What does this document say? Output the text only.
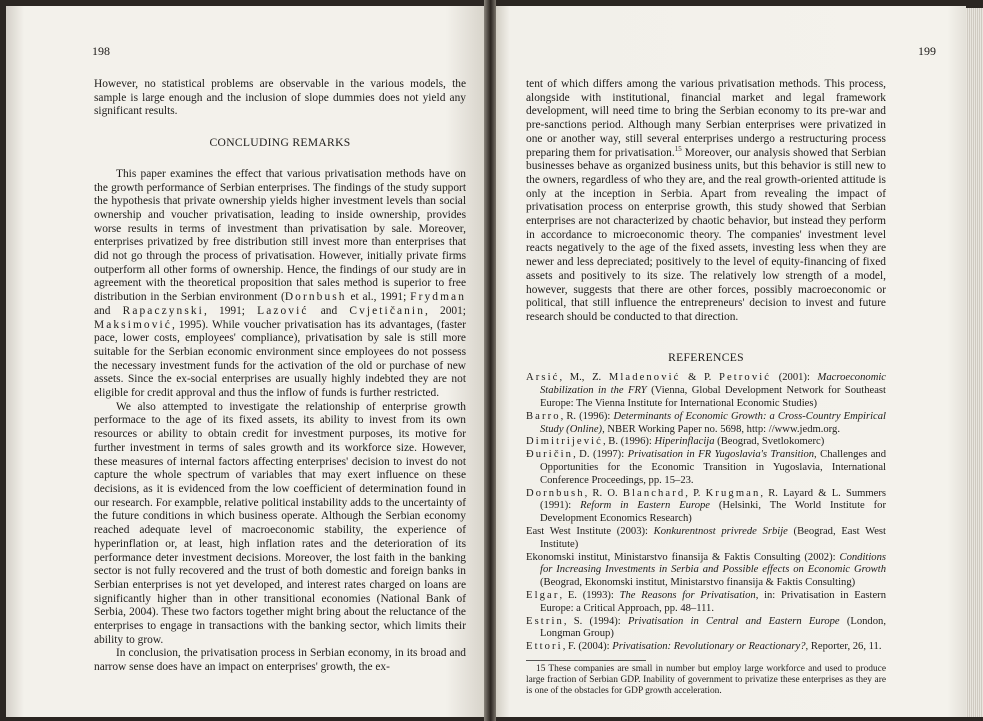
198

However, no statistical problems are observable in the various models, the sample is large enough and the inclusion of slope dummies does not yield any significant results.

CONCLUDING REMARKS

This paper examines the effect that various privatisation methods have on the growth performance of Serbian enterprises. The findings of the study support the hypothesis that private ownership yields higher investment levels than social ownership and voucher privatisation, leading to inside ownership, provides worse results in terms of investment than privatisation by sale. Moreover, enterprises privatized by free distribution still invest more than enterprises that did not go through the process of privatisation. However, initially private firms outperform all other forms of ownership. Hence, the findings of our study are in agreement with the theoretical proposition that sales method is superior to free distribution in the Serbian environment (Dornbush et al., 1991; Frydman and Rapaczynski, 1991; Lazović and Cvjetičanin, 2001; Maksimović, 1995). While voucher privatisation has its advantages, (faster pace, lower costs, employees' compliance), privatisation by sale is still more suitable for the Serbian economic environment since employees do not possess the necessary investment funds for the activation of the old or purchase of new assets. Since the ex-social enterprises are usually highly indebted they are not eligible for credit approval and thus the inflow of funds is further restricted.

We also attempted to investigate the relationship of enterprise growth performace to the age of its fixed assets, its ability to invest from its own resources or ability to obtain credit for investment purposes, its motive for further investment in terms of sales growth and its workforce size. However, these measures of internal factors affecting enterprises' decision to invest do not capture the whole spectrum of variables that may exert influence on these decisions, as it is evidenced from the low coefficient of determination found in our research. For exampble, relative political instability adds to the uncertainty of the future conditions in which business operate. Although the Serbian economy reached adequate level of macroeconomic stability, the experience of hyperinflation or, at least, high inflation rates and the deterioration of its performance deter investment decisions. Moreover, the lost faith in the banking sector is not fully recovered and the trust of both domestic and foreign banks in Serbian enterprises is not yet developed, and interest rates charged on loans are significantly higher than in other transitional economies (National Bank of Serbia, 2004). These two factors together might bring about the reluctance of the enterprises to engage in transactions with the banking sector, which limits their ability to grow.

In conclusion, the privatisation process in Serbian economy, in its broad and narrow sense does have an impact on enterprises' growth, the ex-

199

tent of which differs among the various privatisation methods. This process, alongside with institutional, financial market and legal framework development, will need time to bring the Serbian economy to its pre-war and pre-sanctions period. Although many Serbian enterprises were privatized in one or another way, still several enterprises undergo a restructuring process preparing them for privatisation.$^{15}$ Moreover, our analysis showed that Serbian businesses behave as organized business units, but this behavior is still new to the owners, regardless of who they are, and the real growth-oriented attitude is only at the inception in Serbia. Apart from revealing the impact of privatisation process on enterprise growth, this study showed that Serbian enterprises are not characterized by chaotic behavior, but instead they perform in accordance to microeconomic theory. The companies' investment level reacts negatively to the age of the fixed assets, investing less when they are newer and less depreciated; positively to the level of equity-financing of fixed assets and positively to its size. The relatively low strength of a model, however, suggests that there are other forces, possibly macroeconomic or political, that still influence the entrepreneurs' decision to invest and future research should be conducted to that direction.

REFERENCES

Arsić, M., Z. Mladenović & P. Petrović (2001): Macroeconomic Stabilization in the FRY (Vienna, Global Development Network for Southeast Europe: The Vienna Institute for International Economic Studies)
Barro, R. (1996): Determinants of Economic Growth: a Cross-Country Empirical Study (Online), NBER Working Paper no. 5698, http: //www.jedm.org.
Dimitrijević, B. (1996): Hiperinflacija (Beograd, Svetlokomerc)
Đuričin, D. (1997): Privatisation in FR Yugoslavia's Transition, Challenges and Opportunities for the Economic Transition in Yugoslavia, International Conference Proceedings, pp. 15–23.
Dornbush, R. O. Blanchard, P. Krugman, R. Layard & L. Summers (1991): Reform in Eastern Europe (Helsinki, The World Institute for Development Economics Research)
East West Institute (2003): Konkurentnost privrede Srbije (Beograd, East West Institute)
Ekonomski institut, Ministarstvo finansija & Faktis Consulting (2002): Conditions for Increasing Investments in Serbia and Possible effects on Economic Growth (Beograd, Ekonomski institut, Ministarstvo finansija & Faktis Consulting)
Elgar, E. (1993): The Reasons for Privatisation, in: Privatisation in Eastern Europe: a Critical Approach, pp. 48–111.
Estrin, S. (1994): Privatisation in Central and Eastern Europe (London, Longman Group)
Ettori, F. (2004): Privatisation: Revolutionary or Reactionary?, Reporter, 26, 11.

15 These companies are small in number but employ large workforce and used to produce large fraction of Serbian GDP. Inability of government to privatize these enterprises as they are is one of the obstacles for GDP growth acceleration.
